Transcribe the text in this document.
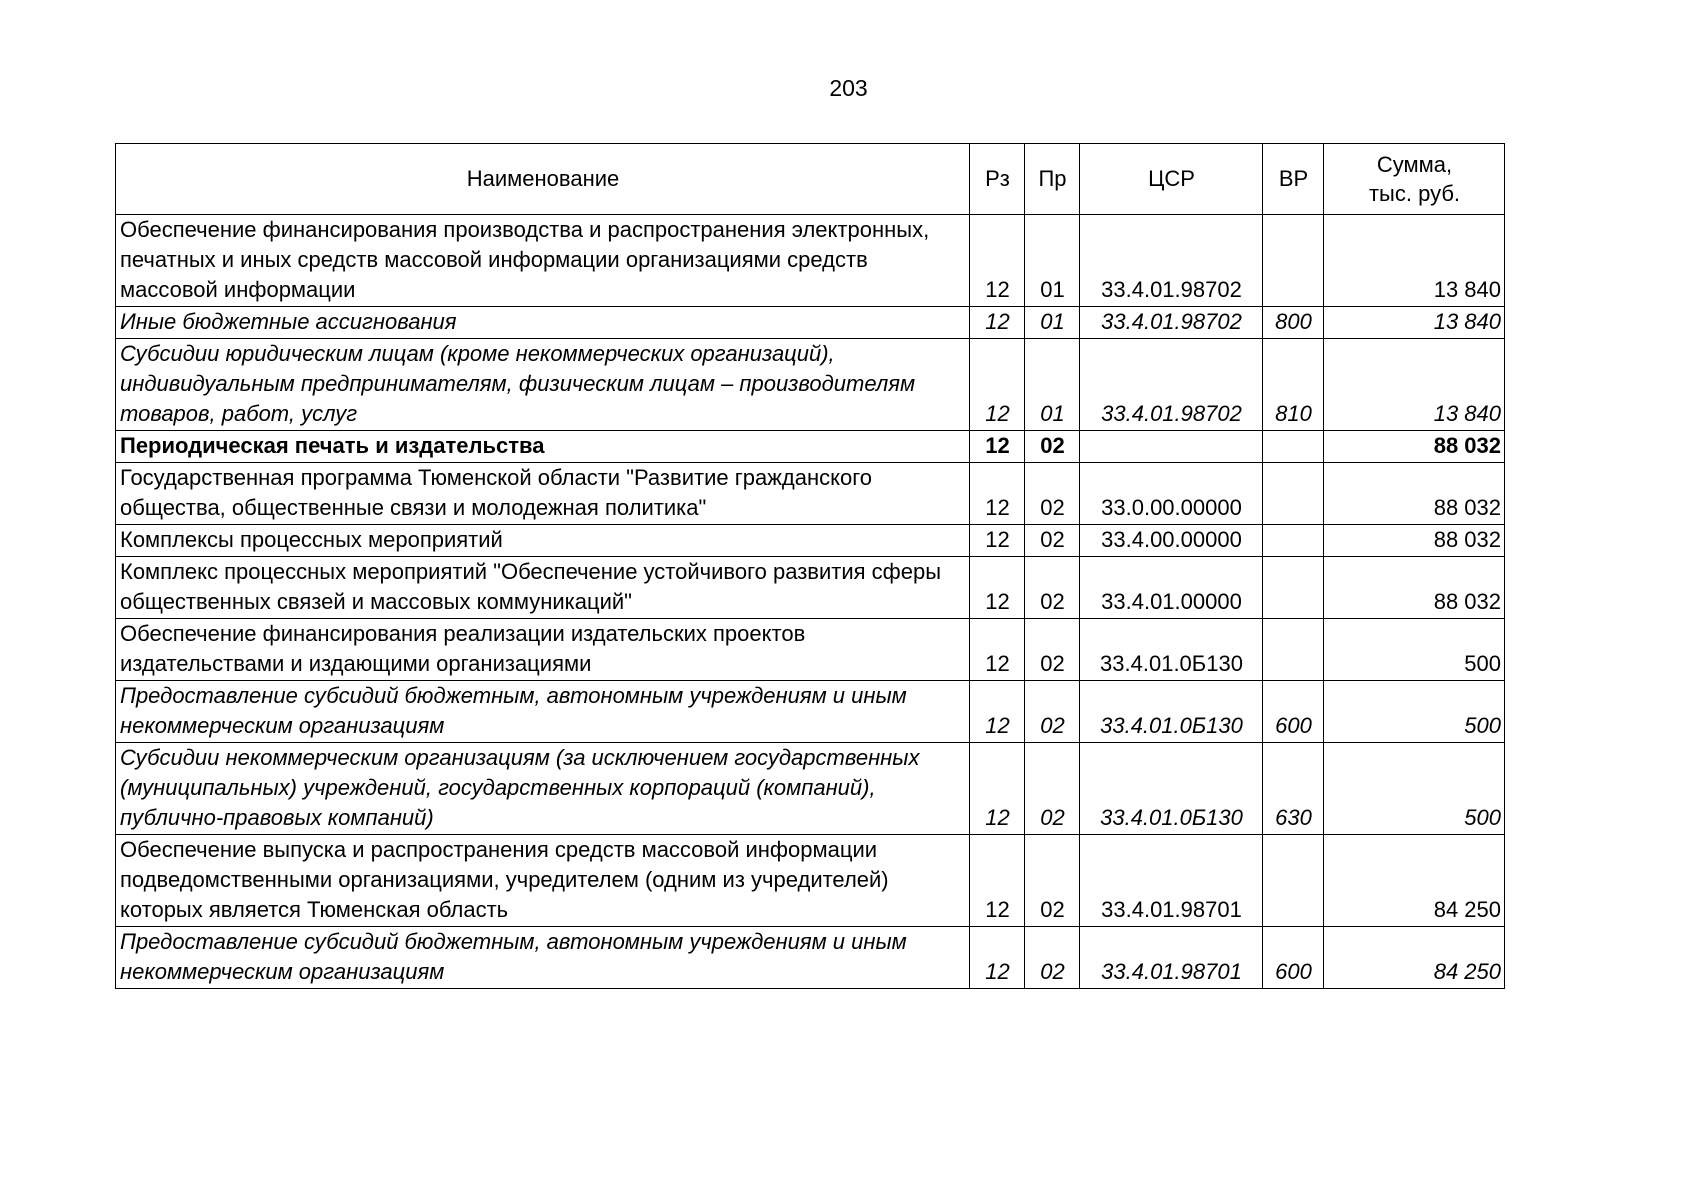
203
Наименование	Рз	Пр	ЦСР	ВР	Сумма,
тыс. руб.

Обеспечение финансирования производства и распространения электронных, печатных и иных средств массовой информации организациями средств массовой информации	12	01	33.4.01.98702		13 840
Иные бюджетные ассигнования	12	01	33.4.01.98702	800	13 840
Субсидии юридическим лицам (кроме некоммерческих организаций), индивидуальным предпринимателям, физическим лицам – производителям товаров, работ, услуг	12	01	33.4.01.98702	810	13 840
Периодическая печать и издательства	12	02			88 032
Государственная программа Тюменской области "Развитие гражданского общества, общественные связи и молодежная политика"	12	02	33.0.00.00000		88 032
Комплексы процессных мероприятий	12	02	33.4.00.00000		88 032
Комплекс процессных мероприятий "Обеспечение устойчивого развития сферы общественных связей и массовых коммуникаций"	12	02	33.4.01.00000		88 032
Обеспечение финансирования реализации издательских проектов издательствами и издающими организациями	12	02	33.4.01.0Б130		500
Предоставление субсидий бюджетным, автономным учреждениям и иным некоммерческим организациям	12	02	33.4.01.0Б130	600	500
Субсидии некоммерческим организациям (за исключением государственных (муниципальных) учреждений, государственных корпораций (компаний), публично-правовых компаний)	12	02	33.4.01.0Б130	630	500
Обеспечение выпуска и распространения средств массовой информации подведомственными организациями, учредителем (одним из учредителей) которых является Тюменская область	12	02	33.4.01.98701		84 250
Предоставление субсидий бюджетным, автономным учреждениям и иным некоммерческим организациям	12	02	33.4.01.98701	600	84 250
